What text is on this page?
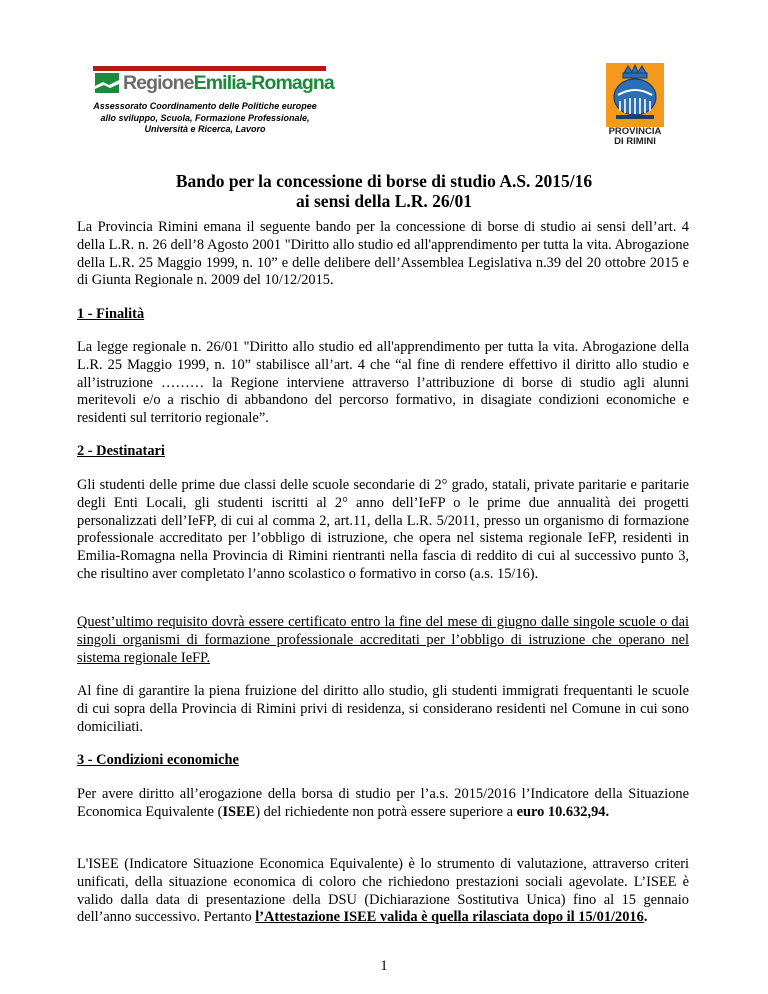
RegioneEmilia-Romagna
Assessorato Coordinamento delle Politiche europee
allo sviluppo, Scuola, Formazione Professionale,
Università e Ricerca, Lavoro	PROVINCIA
DI RIMINI
Bando per la concessione di borse di studio A.S. 2015/16
ai sensi della L.R. 26/01
La Provincia Rimini emana il seguente bando per la concessione di borse di studio ai sensi dell’art. 4 della L.R. n. 26 dell’8 Agosto 2001 "Diritto allo studio ed all'apprendimento per tutta la vita. Abrogazione della L.R. 25 Maggio 1999, n. 10” e delle delibere dell’Assemblea Legislativa n.39 del 20 ottobre 2015 e di Giunta Regionale n. 2009 del 10/12/2015.
1 - Finalità
La legge regionale n. 26/01 "Diritto allo studio ed all'apprendimento per tutta la vita. Abrogazione della L.R. 25 Maggio 1999, n. 10” stabilisce all’art. 4 che “al fine di rendere effettivo il diritto allo studio e all’istruzione ……… la Regione interviene attraverso l’attribuzione di borse di studio agli alunni meritevoli e/o a rischio di abbandono del percorso formativo, in disagiate condizioni economiche e residenti sul territorio regionale”.
2 - Destinatari
Gli studenti delle prime due classi delle scuole secondarie di 2° grado, statali, private paritarie e paritarie degli Enti Locali, gli studenti iscritti al 2° anno dell’IeFP o le prime due annualità dei progetti personalizzati dell’IeFP, di cui al comma 2, art.11, della L.R. 5/2011, presso un organismo di formazione professionale accreditato per l’obbligo di istruzione, che opera nel sistema regionale IeFP, residenti in Emilia-Romagna nella Provincia di Rimini rientranti nella fascia di reddito di cui al successivo punto 3, che risultino aver completato l’anno scolastico o formativo in corso (a.s. 15/16).
Quest’ultimo requisito dovrà essere certificato entro la fine del mese di giugno dalle singole scuole o dai singoli organismi di formazione professionale accreditati per l’obbligo di istruzione che operano nel sistema regionale IeFP.
Al fine di garantire la piena fruizione del diritto allo studio, gli studenti immigrati frequentanti le scuole di cui sopra della Provincia di Rimini privi di residenza, si considerano residenti nel Comune in cui sono domiciliati.
3 - Condizioni economiche
Per avere diritto all’erogazione della borsa di studio per l’a.s. 2015/2016 l’Indicatore della Situazione Economica Equivalente (ISEE) del richiedente non potrà essere superiore a euro 10.632,94.
L'ISEE (Indicatore Situazione Economica Equivalente) è lo strumento di valutazione, attraverso criteri unificati, della situazione economica di coloro che richiedono prestazioni sociali agevolate. L’ISEE è valido dalla data di presentazione della DSU (Dichiarazione Sostitutiva Unica) fino al 15 gennaio dell’anno successivo. Pertanto l’Attestazione ISEE valida è quella rilasciata dopo il 15/01/2016.
1
